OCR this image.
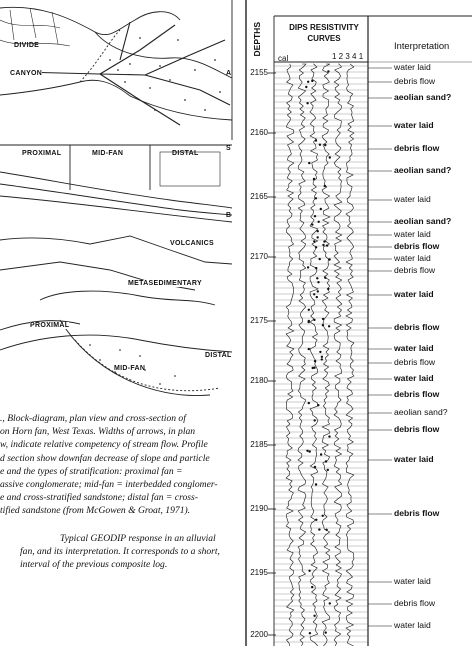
DIVIDE
CANYON	A
S
B
PROXIMAL	MID-FAN	DISTAL
VOLCANICS
METASEDIMENTARY
PROXIMAL
MID-FAN
DISTAL
., Block-diagram, plan view and cross-section of
on Horn fan, West Texas. Widths of arrows, in plan
w, indicate relative competency of stream flow. Profile
d section show downfan decrease of slope and particle
e and the types of stratification: proximal fan =
assive conglomerate; mid-fan = interbedded conglomer-
e and cross-stratified sandstone; distal fan = cross-
tified sandstone (from McGowen & Groat, 1971).
Typical GEODIP response in an alluvial
fan, and its interpretation. It corresponds to a short,
interval of the previous composite log.
DEPTHS	DIPS RESISTIVITY CURVES
cal	1 2 3 4 1
Interpretation
2155
2160
2165
2170
2175
2180
2185
2190
2195
2200
water laid
debris flow
aeolian sand?
water laid
debris flow
aeolian sand?
water laid
aeolian sand?
water laid
debris flow
water laid
debris flow
water laid
debris flow
water laid
debris flow
water laid
debris flow
aeolian sand?
debris flow
water laid
debris flow
water laid
debris flow
water laid
